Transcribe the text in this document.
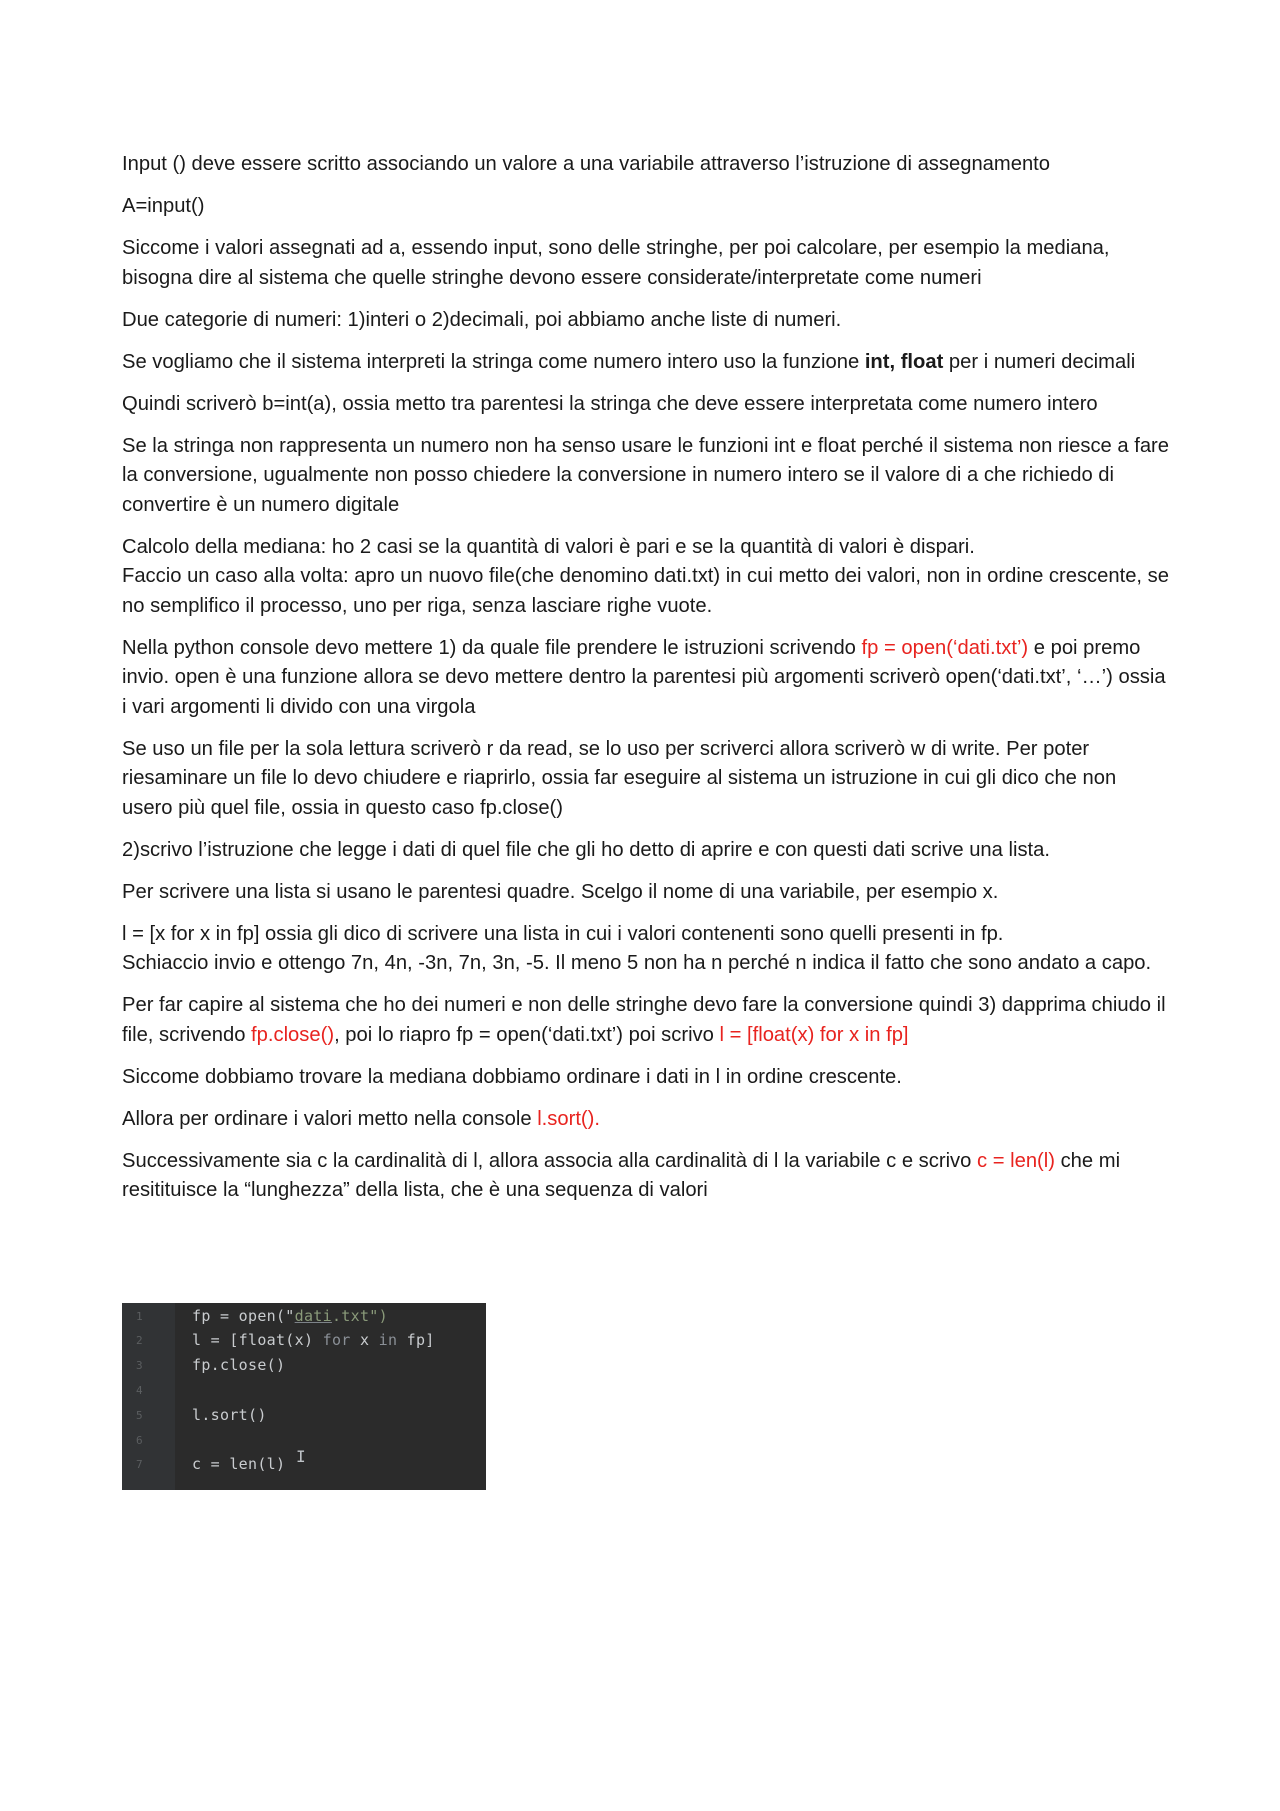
Input () deve essere scritto associando un valore a una variabile attraverso l’istruzione di assegnamento

A=input()

Siccome i valori assegnati ad a, essendo input, sono delle stringhe, per poi calcolare, per esempio la mediana, bisogna dire al sistema che quelle stringhe devono essere considerate/interpretate come numeri

Due categorie di numeri: 1)interi o 2)decimali, poi abbiamo anche liste di numeri.

Se vogliamo che il sistema interpreti la stringa come numero intero uso la funzione int, float per i numeri decimali

Quindi scriverò b=int(a), ossia metto tra parentesi la stringa che deve essere interpretata come numero intero

Se la stringa non rappresenta un numero non ha senso usare le funzioni int e float perché il sistema non riesce a fare la conversione, ugualmente non posso chiedere la conversione in numero intero se il valore di a che richiedo di convertire è un numero digitale

Calcolo della mediana: ho 2 casi se la quantità di valori è pari e se la quantità di valori è dispari.
Faccio un caso alla volta: apro un nuovo file(che denomino dati.txt) in cui metto dei valori, non in ordine crescente, se no semplifico il processo, uno per riga, senza lasciare righe vuote.

Nella python console devo mettere 1) da quale file prendere le istruzioni scrivendo fp = open(‘dati.txt’) e poi premo invio. open è una funzione allora se devo mettere dentro la parentesi più argomenti scriverò open(‘dati.txt’, ‘…’) ossia i vari argomenti li divido con una virgola

Se uso un file per la sola lettura scriverò r da read, se lo uso per scriverci allora scriverò w di write. Per poter riesaminare un file lo devo chiudere e riaprirlo, ossia far eseguire al sistema un istruzione in cui gli dico che non usero più quel file, ossia in questo caso fp.close()

2)scrivo l’istruzione che legge i dati di quel file che gli ho detto di aprire e con questi dati scrive una lista.

Per scrivere una lista si usano le parentesi quadre. Scelgo il nome di una variabile, per esempio x.

l = [x for x in fp] ossia gli dico di scrivere una lista in cui i valori contenenti sono quelli presenti in fp.
Schiaccio invio e ottengo 7n, 4n, -3n, 7n, 3n, -5. Il meno 5 non ha n perché n indica il fatto che sono andato a capo.

Per far capire al sistema che ho dei numeri e non delle stringhe devo fare la conversione quindi 3) dapprima chiudo il file, scrivendo fp.close(), poi lo riapro fp = open(‘dati.txt’) poi scrivo l = [float(x) for x in fp]

Siccome dobbiamo trovare la mediana dobbiamo ordinare i dati in l in ordine crescente.

Allora per ordinare i valori metto nella console l.sort().

Successivamente sia c la cardinalità di l, allora associa alla cardinalità di l la variabile c e scrivo c = len(l) che mi resitituisce la “lunghezza” della lista, che è una sequenza di valori

1
2
3
4
5
6
7
fp = open("dati.txt")
l = [float(x) for x in fp]
fp.close()
l.sort()
c = len(l) I
